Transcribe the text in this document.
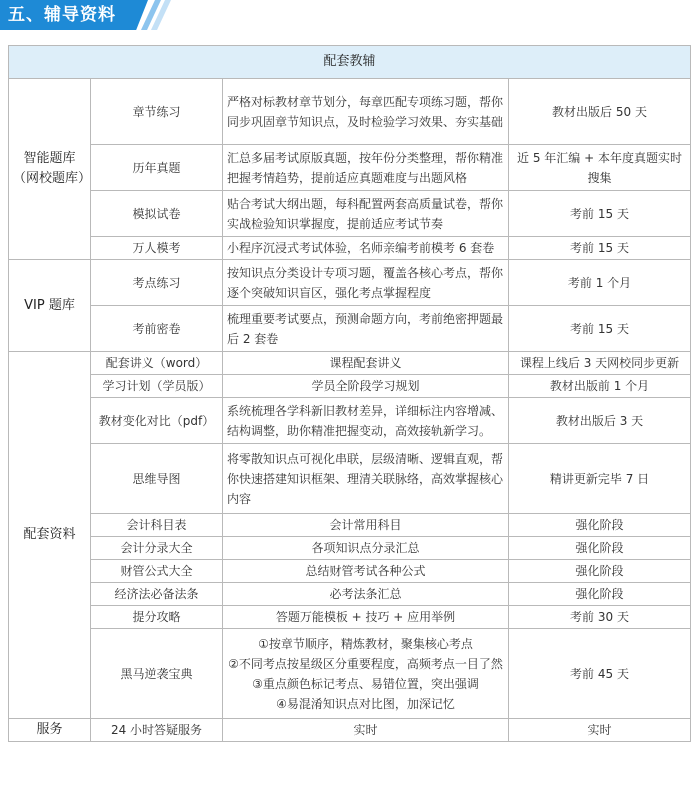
五、辅导资料
配套教辅			
智能题库
（网校题库）	章节练习	严格对标教材章节划分，每章匹配专项练习题，帮你同步巩固章节知识点，及时检验学习效果、夯实基础	教材出版后 50 天
	历年真题	汇总多届考试原版真题，按年份分类整理，帮你精准把握考情趋势，提前适应真题难度与出题风格	近 5 年汇编 + 本年度真题实时搜集
	模拟试卷	贴合考试大纲出题，每科配置两套高质量试卷，帮你实战检验知识掌握度，提前适应考试节奏	考前 15 天
	万人模考	小程序沉浸式考试体验，名师亲编考前模考 6 套卷	考前 15 天
VIP 题库	考点练习	按知识点分类设计专项习题，覆盖各核心考点，帮你逐个突破知识盲区，强化考点掌握程度	考前 1 个月
	考前密卷	梳理重要考试要点，预测命题方向，考前绝密押题最后 2 套卷	考前 15 天
配套资料	配套讲义（word）	课程配套讲义	课程上线后 3 天网校同步更新
	学习计划（学员版）	学员全阶段学习规划	教材出版前 1 个月
	教材变化对比（pdf）	系统梳理各学科新旧教材差异，详细标注内容增减、结构调整，助你精准把握变动，高效接轨新学习。	教材出版后 3 天
	思维导图	将零散知识点可视化串联，层级清晰、逻辑直观，帮你快速搭建知识框架、理清关联脉络，高效掌握核心内容	精讲更新完毕 7 日
	会计科目表	会计常用科目	强化阶段
	会计分录大全	各项知识点分录汇总	强化阶段
	财管公式大全	总结财管考试各种公式	强化阶段
	经济法必备法条	必考法条汇总	强化阶段
	提分攻略	答题万能模板 + 技巧 + 应用举例	考前 30 天
	黑马逆袭宝典	①按章节顺序，精炼教材，聚集核心考点
②不同考点按星级区分重要程度，高频考点一目了然
③重点颜色标记考点、易错位置，突出强调
④易混淆知识点对比图，加深记忆	考前 45 天
服务	24 小时答疑服务	实时	实时
